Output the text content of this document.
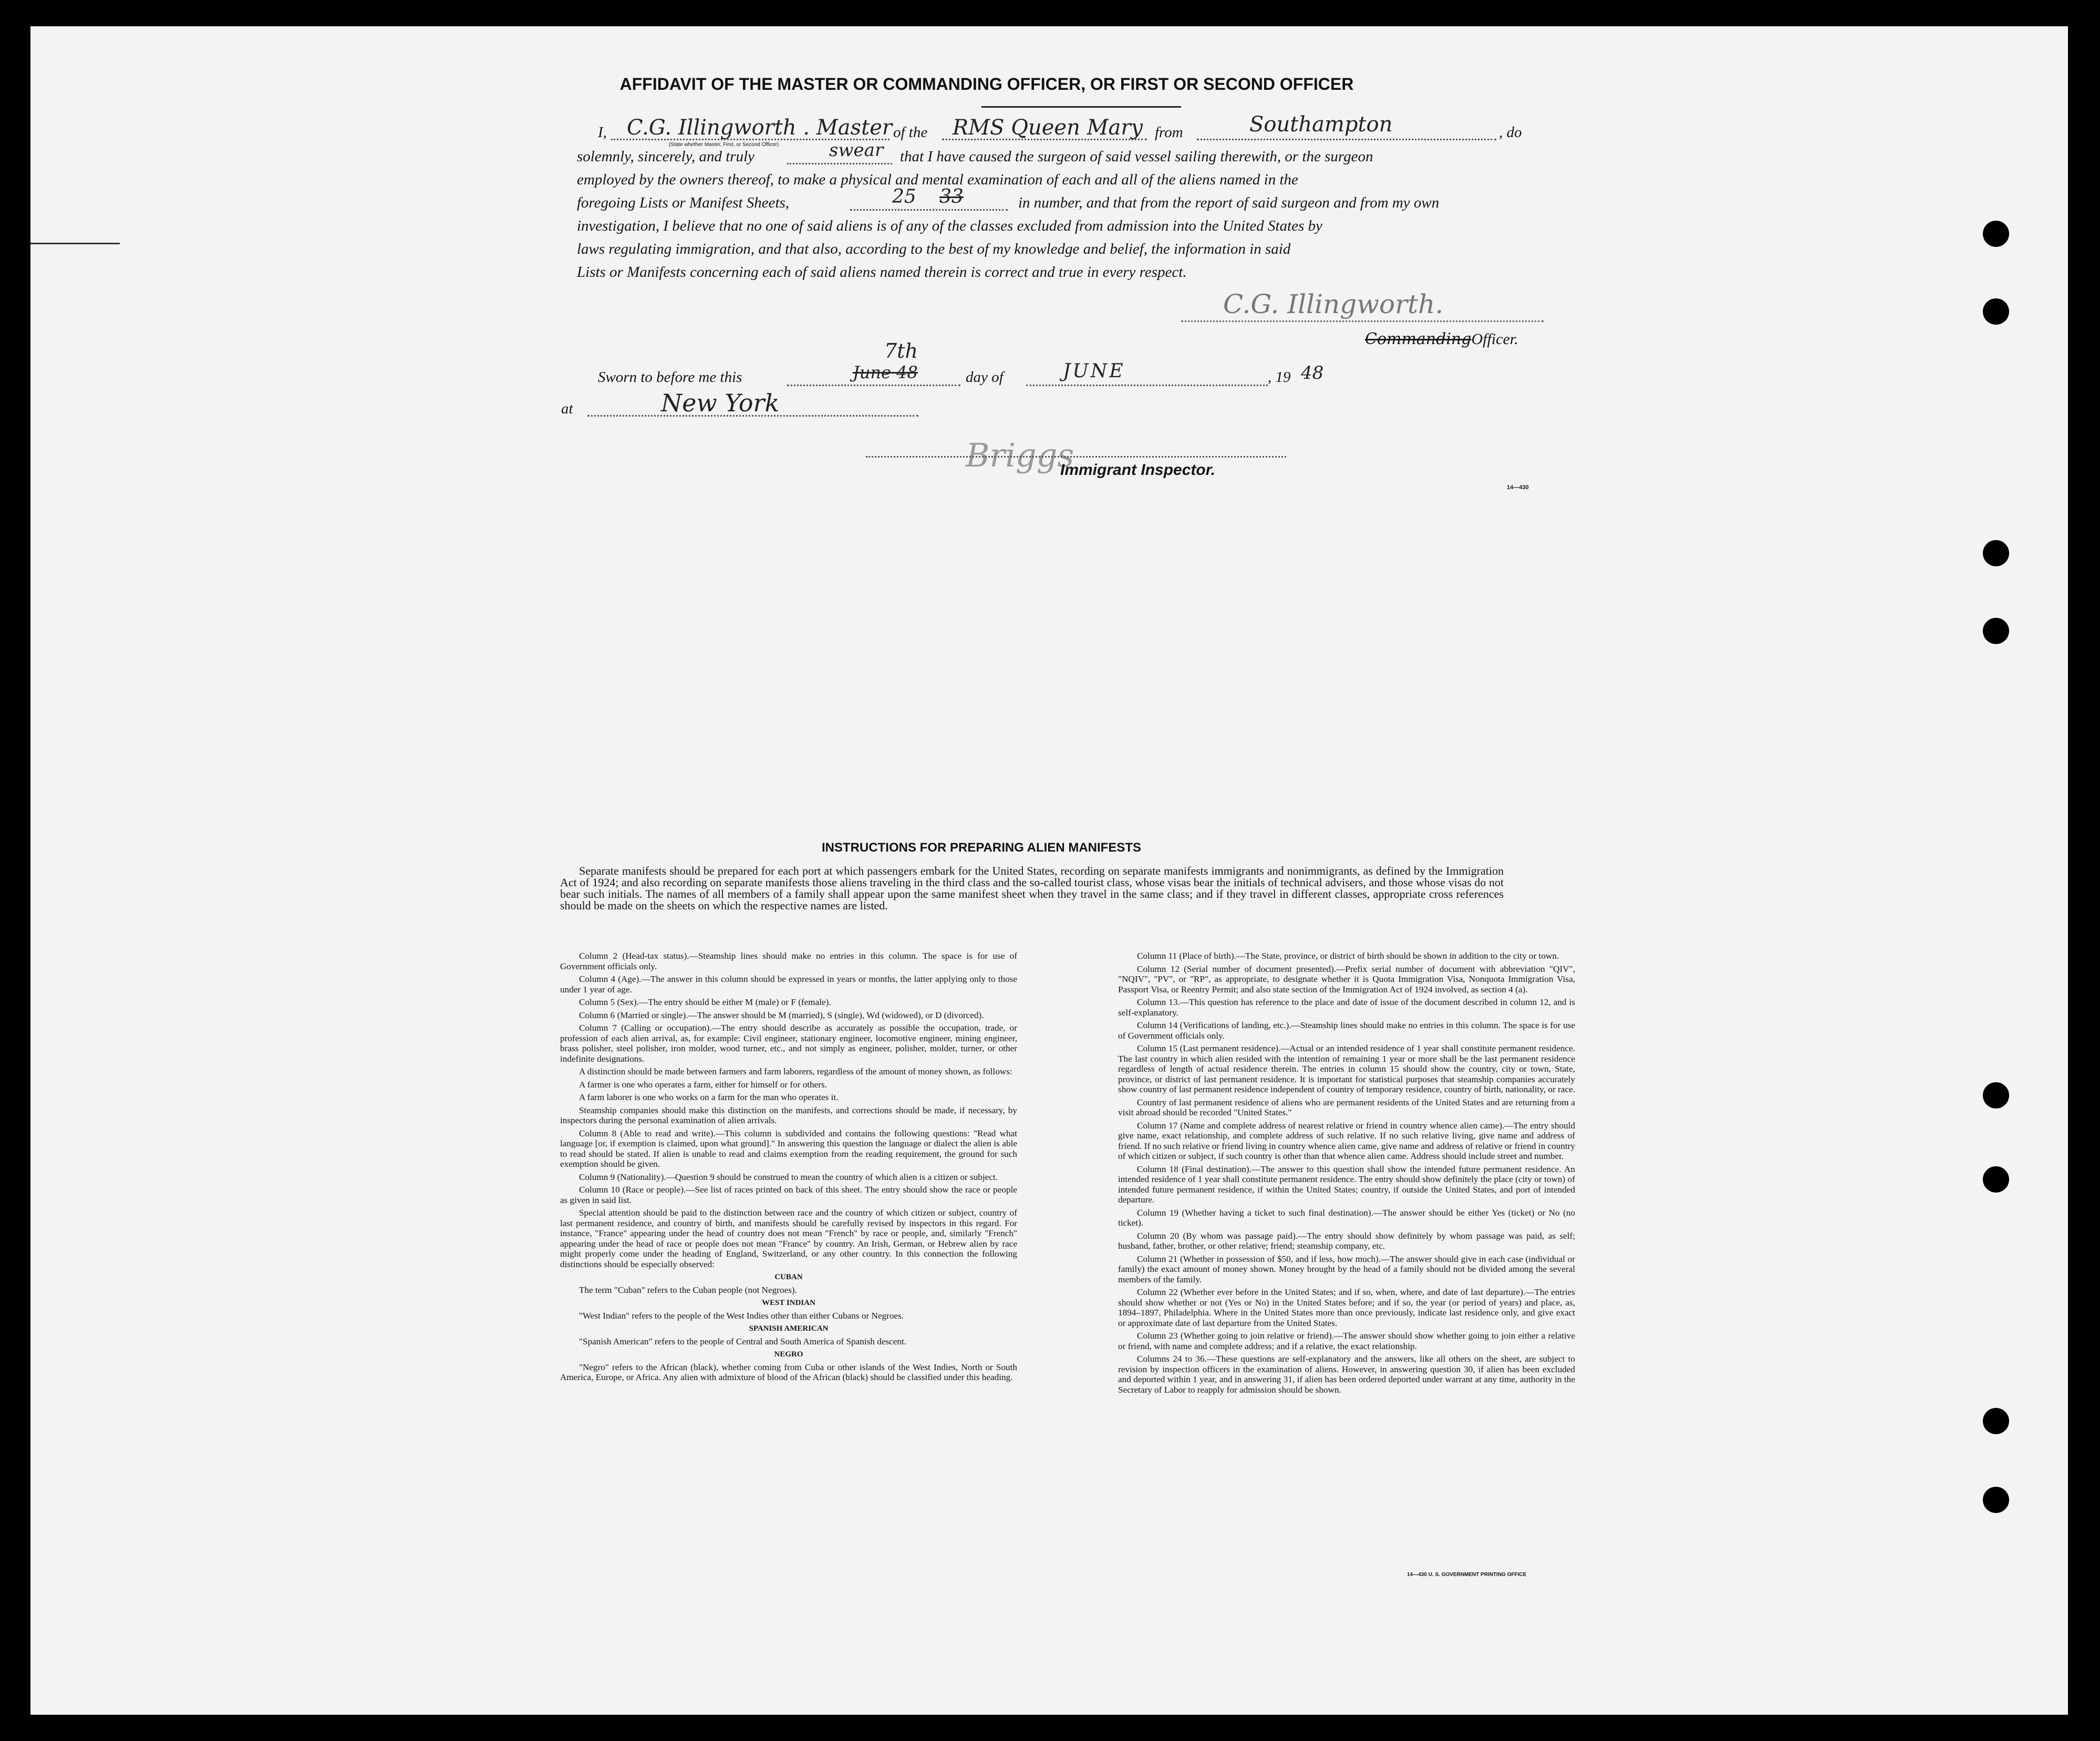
AFFIDAVIT OF THE MASTER OR COMMANDING OFFICER, OR FIRST OR SECOND OFFICER
I, C.G. Illingworth . Master of the RMS Queen Mary from	Southampton	, do
(State whether Master, First, or Second Officer)
solemnly, sincerely, and truly	swear that I have caused the surgeon of said vessel sailing therewith, or the surgeon
employed by the owners thereof, to make a physical and mental examination of each and all of the aliens named in the
foregoing Lists or Manifest Sheets,	25 33	in number, and that from the report of said surgeon and from my own
investigation, I believe that no one of said aliens is of any of the classes excluded from admission into the United States by
laws regulating immigration, and that also, according to the best of my knowledge and belief, the information in said
Lists or Manifests concerning each of said aliens named therein is correct and true in every respect.
C.G. Illingworth.
CommandingOfficer.
Sworn to before me this	June 48
7th
day of	JUNE	, 19 48
at	New York
Briggs
Immigrant Inspector.
14—430
INSTRUCTIONS FOR PREPARING ALIEN MANIFESTS

Separate manifests should be prepared for each port at which passengers embark for the United States, recording on separate manifests immigrants and nonimmigrants, as defined by the Immigration Act of 1924; and also recording on separate manifests those aliens traveling in the third class and the so-called tourist class, whose visas bear the initials of technical advisers, and those whose visas do not bear such initials. The names of all members of a family shall appear upon the same manifest sheet when they travel in the same class; and if they travel in different classes, appropriate cross references should be made on the sheets on which the respective names are listed.

Column 2 (Head-tax status).—Steamship lines should make no entries in this column. The space is for use of Government officials only.

Column 4 (Age).—The answer in this column should be expressed in years or months, the latter applying only to those under 1 year of age.

Column 5 (Sex).—The entry should be either M (male) or F (female).

Column 6 (Married or single).—The answer should be M (married), S (single), Wd (widowed), or D (divorced).

Column 7 (Calling or occupation).—The entry should describe as accurately as possible the occupation, trade, or profession of each alien arrival, as, for example: Civil engineer, stationary engineer, locomotive engineer, mining engineer, brass polisher, steel polisher, iron molder, wood turner, etc., and not simply as engineer, polisher, molder, turner, or other indefinite designations.

A distinction should be made between farmers and farm laborers, regardless of the amount of money shown, as follows:

A farmer is one who operates a farm, either for himself or for others.

A farm laborer is one who works on a farm for the man who operates it.

Steamship companies should make this distinction on the manifests, and corrections should be made, if necessary, by inspectors during the personal examination of alien arrivals.

Column 8 (Able to read and write).—This column is subdivided and contains the following questions: "Read what language [or, if exemption is claimed, upon what ground]." In answering this question the language or dialect the alien is able to read should be stated. If alien is unable to read and claims exemption from the reading requirement, the ground for such exemption should be given.

Column 9 (Nationality).—Question 9 should be construed to mean the country of which alien is a citizen or subject.

Column 10 (Race or people).—See list of races printed on back of this sheet. The entry should show the race or people as given in said list.

Special attention should be paid to the distinction between race and the country of which citizen or subject, country of last permanent residence, and country of birth, and manifests should be carefully revised by inspectors in this regard. For instance, "France" appearing under the head of country does not mean "French" by race or people, and, similarly "French" appearing under the head of race or people does not mean "France" by country. An Irish, German, or Hebrew alien by race might properly come under the heading of England, Switzerland, or any other country. In this connection the following distinctions should be especially observed:

CUBAN

The term "Cuban" refers to the Cuban people (not Negroes).

WEST INDIAN

"West Indian" refers to the people of the West Indies other than either Cubans or Negroes.

SPANISH AMERICAN

"Spanish American" refers to the people of Central and South America of Spanish descent.

NEGRO

"Negro" refers to the African (black), whether coming from Cuba or other islands of the West Indies, North or South America, Europe, or Africa. Any alien with admixture of blood of the African (black) should be classified under this heading.

Column 11 (Place of birth).—The State, province, or district of birth should be shown in addition to the city or town.

Column 12 (Serial number of document presented).—Prefix serial number of document with abbreviation "QIV", "NQIV", "PV", or "RP", as appropriate, to designate whether it is Quota Immigration Visa, Nonquota Immigration Visa, Passport Visa, or Reentry Permit; and also state section of the Immigration Act of 1924 involved, as section 4 (a).

Column 13.—This question has reference to the place and date of issue of the document described in column 12, and is self-explanatory.

Column 14 (Verifications of landing, etc.).—Steamship lines should make no entries in this column. The space is for use of Government officials only.

Column 15 (Last permanent residence).—Actual or an intended residence of 1 year shall constitute permanent residence. The last country in which alien resided with the intention of remaining 1 year or more shall be the last permanent residence regardless of length of actual residence therein. The entries in column 15 should show the country, city or town, State, province, or district of last permanent residence. It is important for statistical purposes that steamship companies accurately show country of last permanent residence independent of country of temporary residence, country of birth, nationality, or race.

Country of last permanent residence of aliens who are permanent residents of the United States and are returning from a visit abroad should be recorded "United States."

Column 17 (Name and complete address of nearest relative or friend in country whence alien came).—The entry should give name, exact relationship, and complete address of such relative. If no such relative living, give name and address of friend. If no such relative or friend living in country whence alien came, give name and address of relative or friend in country of which citizen or subject, if such country is other than that whence alien came. Address should include street and number.

Column 18 (Final destination).—The answer to this question shall show the intended future permanent residence. An intended residence of 1 year shall constitute permanent residence. The entry should show definitely the place (city or town) of intended future permanent residence, if within the United States; country, if outside the United States, and port of intended departure.

Column 19 (Whether having a ticket to such final destination).—The answer should be either Yes (ticket) or No (no ticket).

Column 20 (By whom was passage paid).—The entry should show definitely by whom passage was paid, as self; husband, father, brother, or other relative; friend; steamship company, etc.

Column 21 (Whether in possession of $50, and if less, how much).—The answer should give in each case (individual or family) the exact amount of money shown. Money brought by the head of a family should not be divided among the several members of the family.

Column 22 (Whether ever before in the United States; and if so, when, where, and date of last departure).—The entries should show whether or not (Yes or No) in the United States before; and if so, the year (or period of years) and place, as, 1894–1897, Philadelphia. Where in the United States more than once previously, indicate last residence only, and give exact or approximate date of last departure from the United States.

Column 23 (Whether going to join relative or friend).—The answer should show whether going to join either a relative or friend, with name and complete address; and if a relative, the exact relationship.

Columns 24 to 36.—These questions are self-explanatory and the answers, like all others on the sheet, are subject to revision by inspection officers in the examination of aliens. However, in answering question 30, if alien has been excluded and deported within 1 year, and in answering 31, if alien has been ordered deported under warrant at any time, authority in the Secretary of Labor to reapply for admission should be shown.

14—430 U. S. GOVERNMENT PRINTING OFFICE
